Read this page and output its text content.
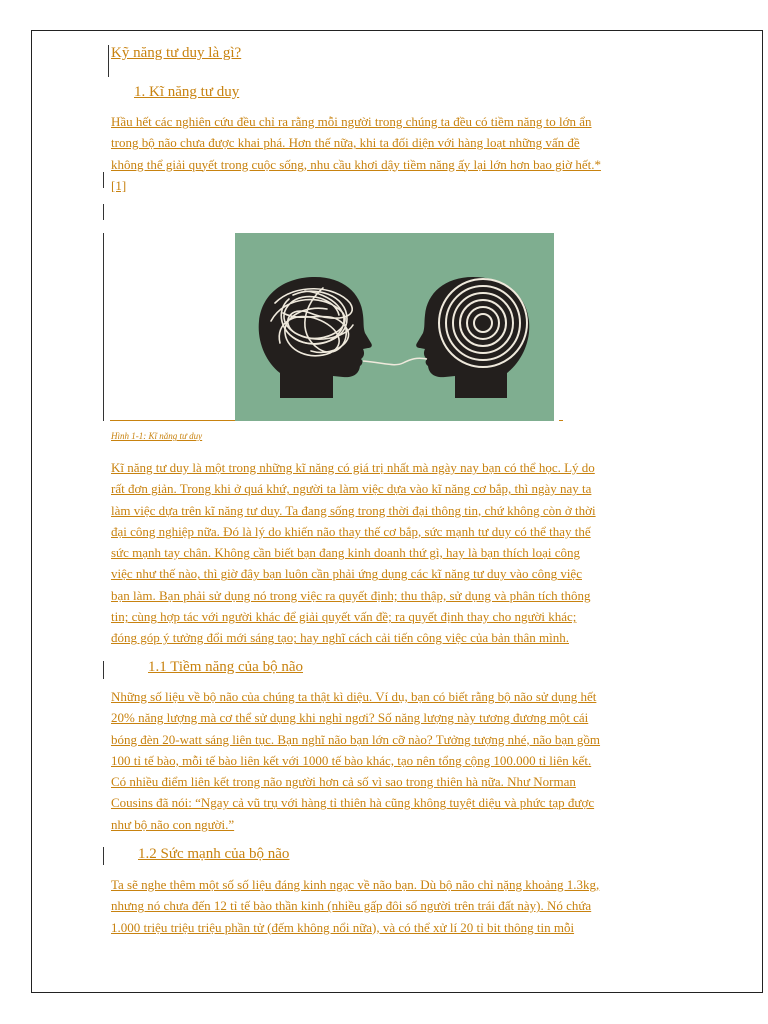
Kỹ năng tư duy là gì?
1. Kĩ năng tư duy
Hầu hết các nghiên cứu đều chỉ ra rằng mỗi người trong chúng ta đều có tiềm năng to lớn ẩn
trong bộ não chưa được khai phá. Hơn thế nữa, khi ta đối diện với hàng loạt những vấn đề
không thể giải quyết trong cuộc sống, nhu cầu khơi dậy tiềm năng ấy lại lớn hơn bao giờ hết.*
[1]
Hình 1-1: Kĩ năng tư duy
Kĩ năng tư duy là một trong những kĩ năng có giá trị nhất mà ngày nay bạn có thể học. Lý do
rất đơn giản. Trong khi ở quá khứ, người ta làm việc dựa vào kĩ năng cơ bắp, thì ngày nay ta
làm việc dựa trên kĩ năng tư duy. Ta đang sống trong thời đại thông tin, chứ không còn ở thời
đại công nghiệp nữa. Đó là lý do khiến não thay thế cơ bắp, sức mạnh tư duy có thể thay thế
sức mạnh tay chân. Không cần biết bạn đang kinh doanh thứ gì, hay là bạn thích loại công
việc như thế nào, thì giờ đây bạn luôn cần phải ứng dụng các kĩ năng tư duy vào công việc
bạn làm. Bạn phải sử dụng nó trong việc ra quyết định; thu thập, sử dụng và phân tích thông
tin; cùng hợp tác với người khác để giải quyết vấn đề; ra quyết định thay cho người khác;
đóng góp ý tưởng đổi mới sáng tạo; hay nghĩ cách cải tiến công việc của bản thân mình.
1.1 Tiềm năng của bộ não
Những số liệu về bộ não của chúng ta thật kì diệu. Ví dụ, bạn có biết rằng bộ não sử dụng hết
20% năng lượng mà cơ thể sử dụng khi nghỉ ngơi? Số năng lượng này tương đương một cái
bóng đèn 20-watt sáng liên tục. Bạn nghĩ não bạn lớn cỡ nào? Tưởng tượng nhé, não bạn gồm
100 tỉ tế bào, mỗi tế bào liên kết với 1000 tế bào khác, tạo nên tổng cộng 100.000 tỉ liên kết.
Có nhiều điểm liên kết trong não người hơn cả số vì sao trong thiên hà nữa. Như Norman
Cousins đã nói: “Ngay cả vũ trụ với hàng tỉ thiên hà cũng không tuyệt diệu và phức tạp được
như bộ não con người.”
1.2 Sức mạnh của bộ não
Ta sẽ nghe thêm một số số liệu đáng kinh ngạc về não bạn. Dù bộ não chỉ nặng khoảng 1.3kg,
nhưng nó chưa đến 12 tỉ tế bào thần kinh (nhiều gấp đôi số người trên trái đất này). Nó chứa
1.000 triệu triệu triệu phần tử (đếm không nổi nữa), và có thể xử lí 20 tỉ bit thông tin mỗi
